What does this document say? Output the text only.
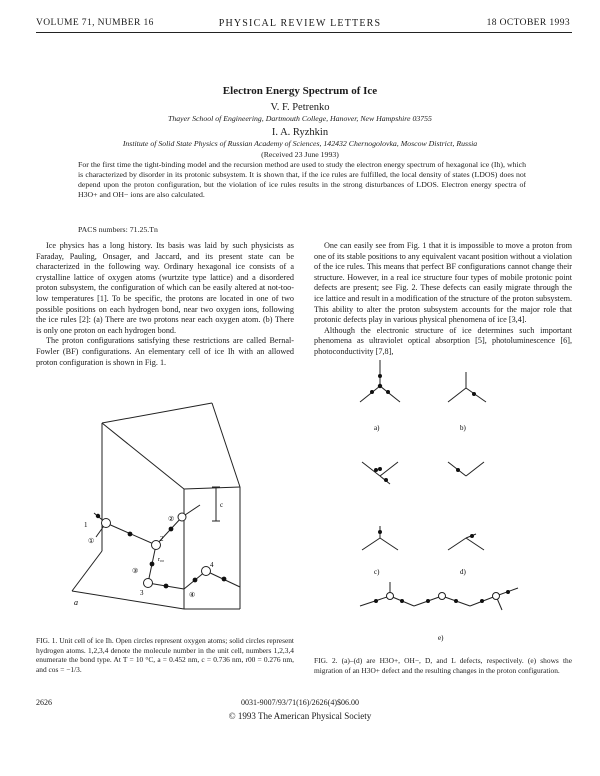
VOLUME 71, NUMBER 16	PHYSICAL REVIEW LETTERS	18 OCTOBER 1993
Electron Energy Spectrum of Ice
V. F. Petrenko
Thayer School of Engineering, Dartmouth College, Hanover, New Hampshire 03755
I. A. Ryzhkin
Institute of Solid State Physics of Russian Academy of Sciences, 142432 Chernogolovka, Moscow District, Russia
(Received 23 June 1993)
For the first time the tight-binding model and the recursion method are used to study the electron energy spectrum of hexagonal ice (Ih), which is characterized by disorder in its protonic subsystem. It is shown that, if the ice rules are fulfilled, the local density of states (LDOS) does not depend upon the proton configuration, but the violation of ice rules results in the strong disturbances of LDOS. Electron energy spectra of H3O+ and OH− ions are also calculated.
PACS numbers: 71.25.Tn

Ice physics has a long history. Its basis was laid by such physicists as Faraday, Pauling, Onsager, and Jaccard, and its present state can be characterized in the following way. Ordinary hexagonal ice consists of a crystalline lattice of oxygen atoms (wurtzite type lattice) and a disordered proton subsystem, the configuration of which can be easily altered at not-too-low temperatures [1]. To be specific, the protons are located in one of two possible positions on each hydrogen bond, near two oxygen ions, following the ice rules [2]: (a) There are two protons near each oxygen atom. (b) There is only one proton on each hydrogen bond.

The proton configurations satisfying these restrictions are called Bernal-Fowler (BF) configurations. An elementary cell of ice Ih with an allowed proton configuration is shown in Fig. 1.

One can easily see from Fig. 1 that it is impossible to move a proton from one of its stable positions to any equivalent vacant position without a violation of the ice rules. This means that perfect BF configurations cannot change their structure. However, in a real ice structure four types of mobile protonic point defects are present; see Fig. 2. These defects can easily migrate through the ice lattice and result in a modification of the structure of the proton subsystem. This ability to alter the proton subsystem accounts for the major role that protonic defects play in various physical phenomena of ice [3,4].

Although the electronic structure of ice determines such important phenomena as ultraviolet optical absorption [5], photoluminescence [6], photoconductivity [7,8],

c
a
r₀₀
1
2
3
4
①
②
③
④
FIG. 1. Unit cell of ice Ih. Open circles represent oxygen atoms; solid circles represent hydrogen atoms. 1,2,3,4 denote the molecule number in the unit cell, numbers 1,2,3,4 enumerate the bond type. At T = 10 °C, a = 0.452 nm, c = 0.736 nm, r00 = 0.276 nm, and cos = −1/3.
a)	b)
c)	d)
e)
FIG. 2. (a)–(d) are H3O+, OH−, D, and L defects, respectively. (e) shows the migration of an H3O+ defect and the resulting changes in the proton configuration.
2626	0031-9007/93/71(16)/2626(4)$06.00
© 1993 The American Physical Society
